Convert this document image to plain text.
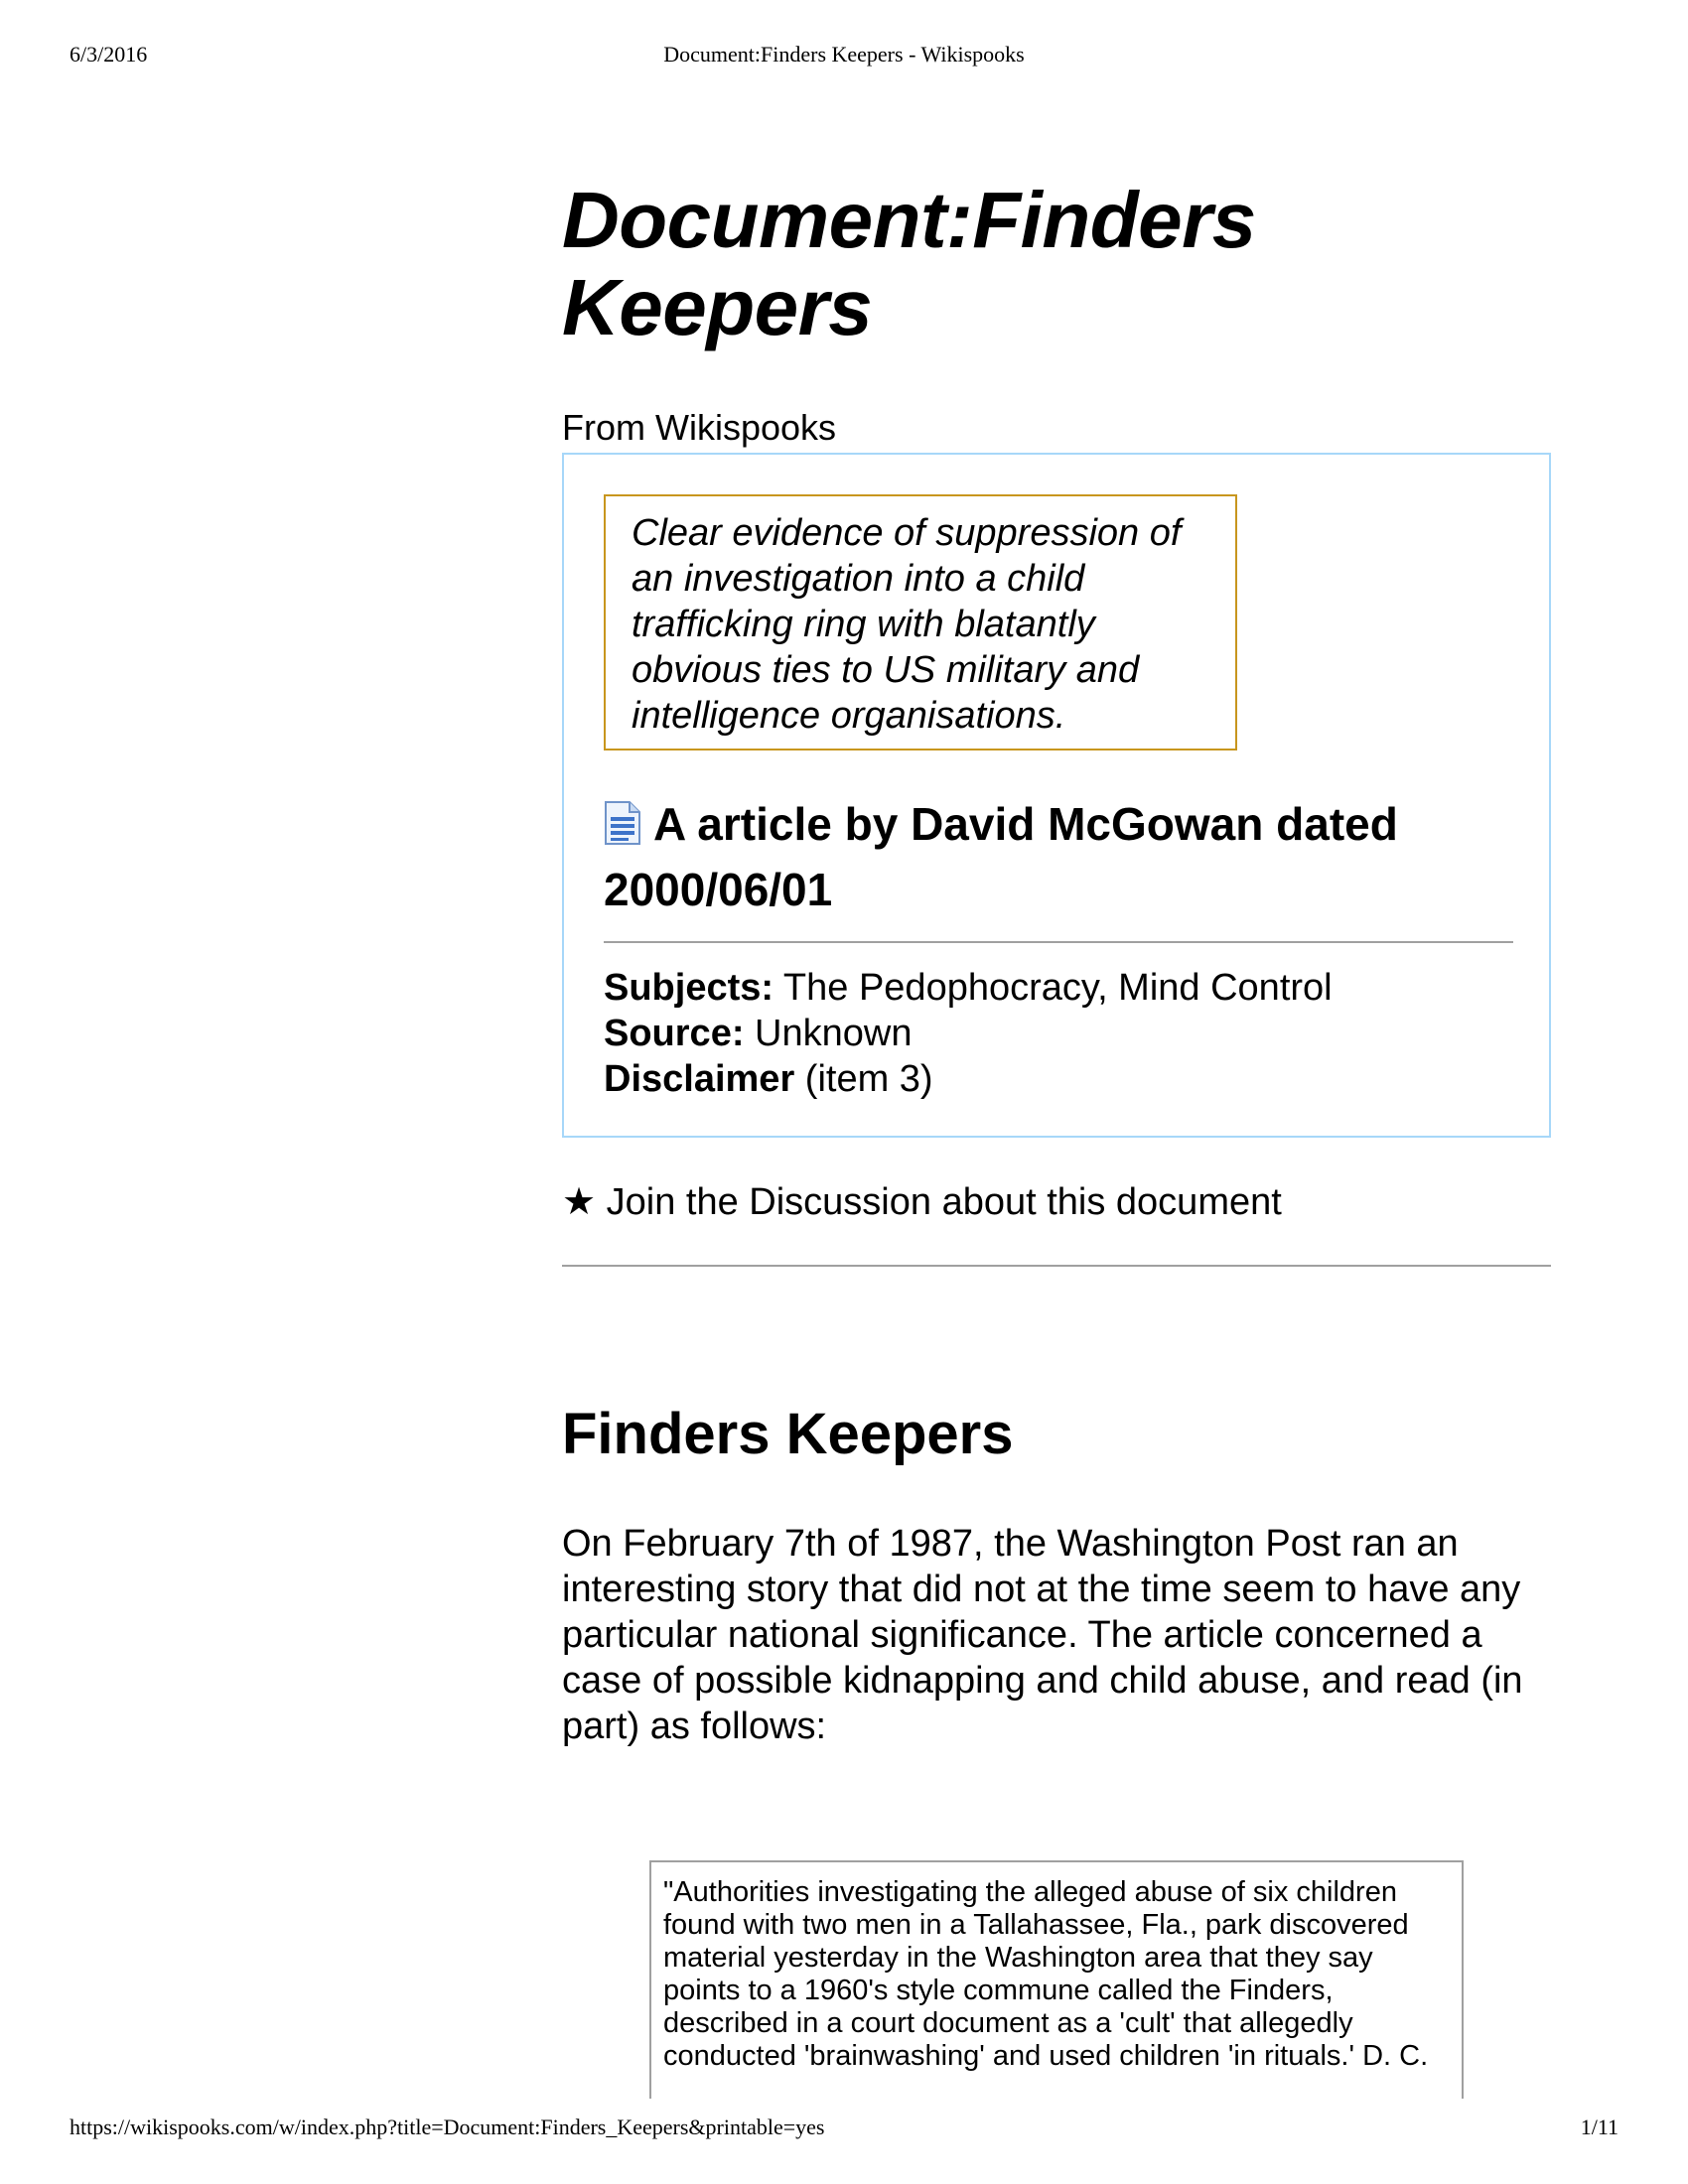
6/3/2016	Document:Finders Keepers - Wikispooks
Document:Finders
Keepers
From Wikispooks
Clear evidence of suppression of an investigation into a child trafficking ring with blatantly obvious ties to US military and intelligence organisations.
A article by David McGowan dated 2000/06/01
Subjects: The Pedophocracy, Mind Control
Source: Unknown
Disclaimer (item 3)
★ Join the Discussion about this document
Finders Keepers

On February 7th of 1987, the Washington Post ran an interesting story that did not at the time seem to have any particular national significance. The article concerned a case of possible kidnapping and child abuse, and read (in part) as follows:

"Authorities investigating the alleged abuse of six children found with two men in a Tallahassee, Fla., park discovered material yesterday in the Washington area that they say points to a 1960's style commune called the Finders, described in a court document as a 'cult' that allegedly conducted 'brainwashing' and used children 'in rituals.' D. C.
https://wikispooks.com/w/index.php?title=Document:Finders_Keepers&printable=yes	1/11
